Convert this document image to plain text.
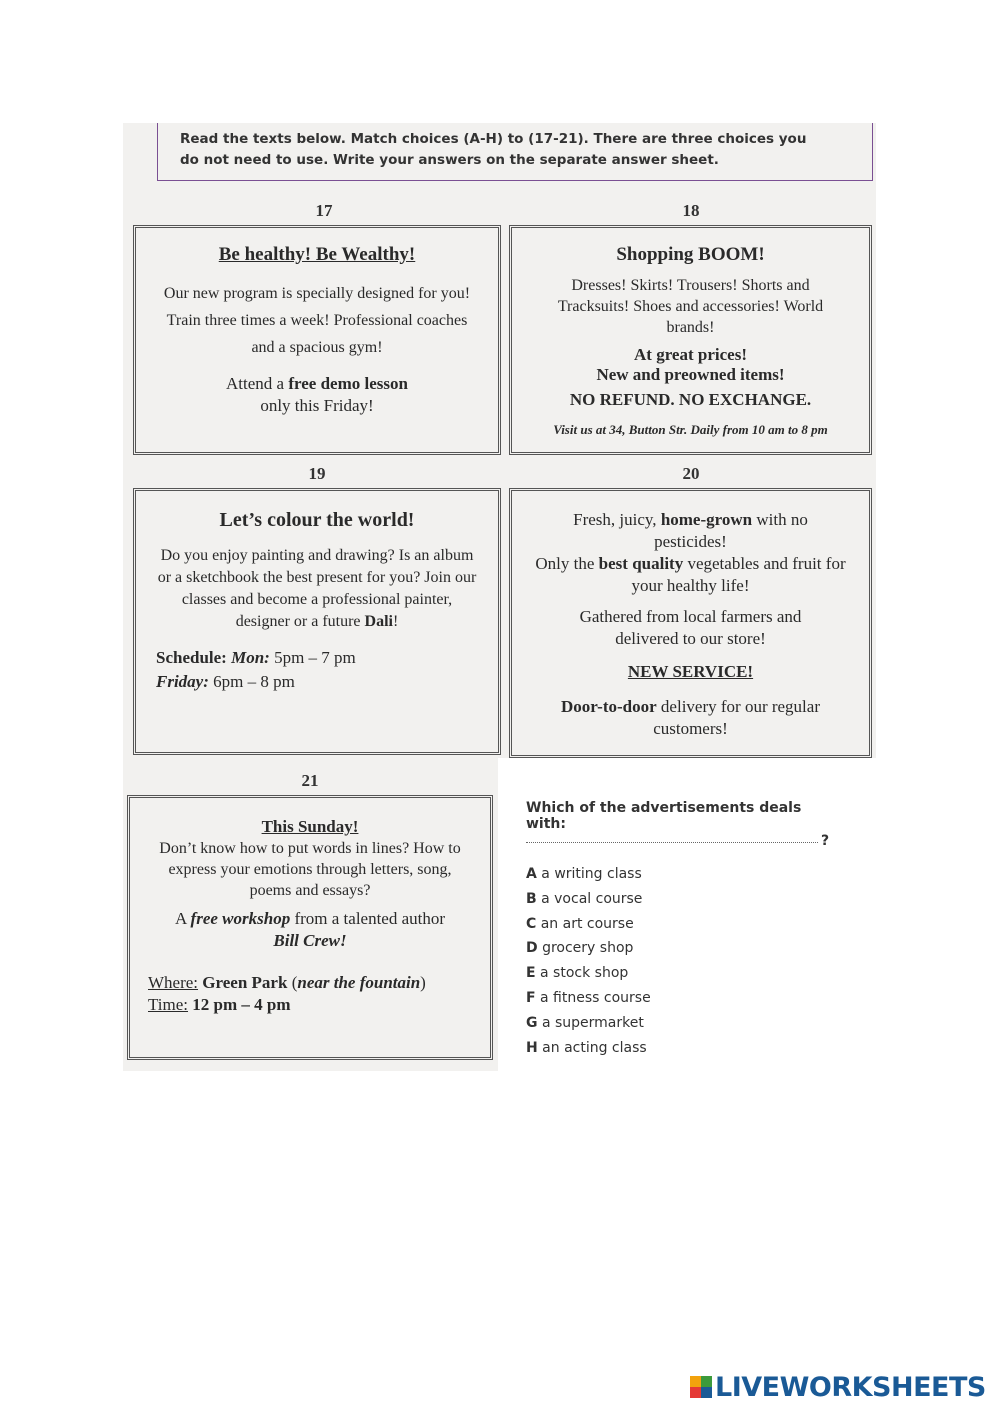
Read the texts below. Match choices (A-H) to (17-21). There are three choices you do not need to use. Write your answers on the separate answer sheet.

17

Be healthy! Be Wealthy!

Our new program is specially designed for you! Train three times a week! Professional coaches and a spacious gym!

Attend a free demo lesson

only this Friday!

18

Shopping BOOM!

Dresses! Skirts! Trousers! Shorts and Tracksuits! Shoes and accessories! World brands!

At great prices!

New and preowned items!

NO REFUND. NO EXCHANGE.

Visit us at 34, Button Str. Daily from 10 am to 8 pm

19

Let’s colour the world!

Do you enjoy painting and drawing? Is an album or a sketchbook the best present for you? Join our classes and become a professional painter, designer or a future Dali!

Schedule: Mon: 5pm – 7 pm

Friday: 6pm – 8 pm

20

Fresh, juicy, home-grown with no pesticides!

Only the best quality vegetables and fruit for your healthy life!

Gathered from local farmers and delivered to our store!

NEW SERVICE!

Door-to-door delivery for our regular customers!

21

This Sunday!

Don’t know how to put words in lines? How to express your emotions through letters, song, poems and essays?

A free workshop from a talented author

Bill Crew!

Where: Green Park (near the fountain)

Time: 12 pm – 4 pm

Which of the advertisements deals with:
?
A a writing class
B a vocal course
C an art course
D grocery shop
E a stock shop
F a fitness course
G a supermarket
H an acting class
LIVEWORKSHEETS
